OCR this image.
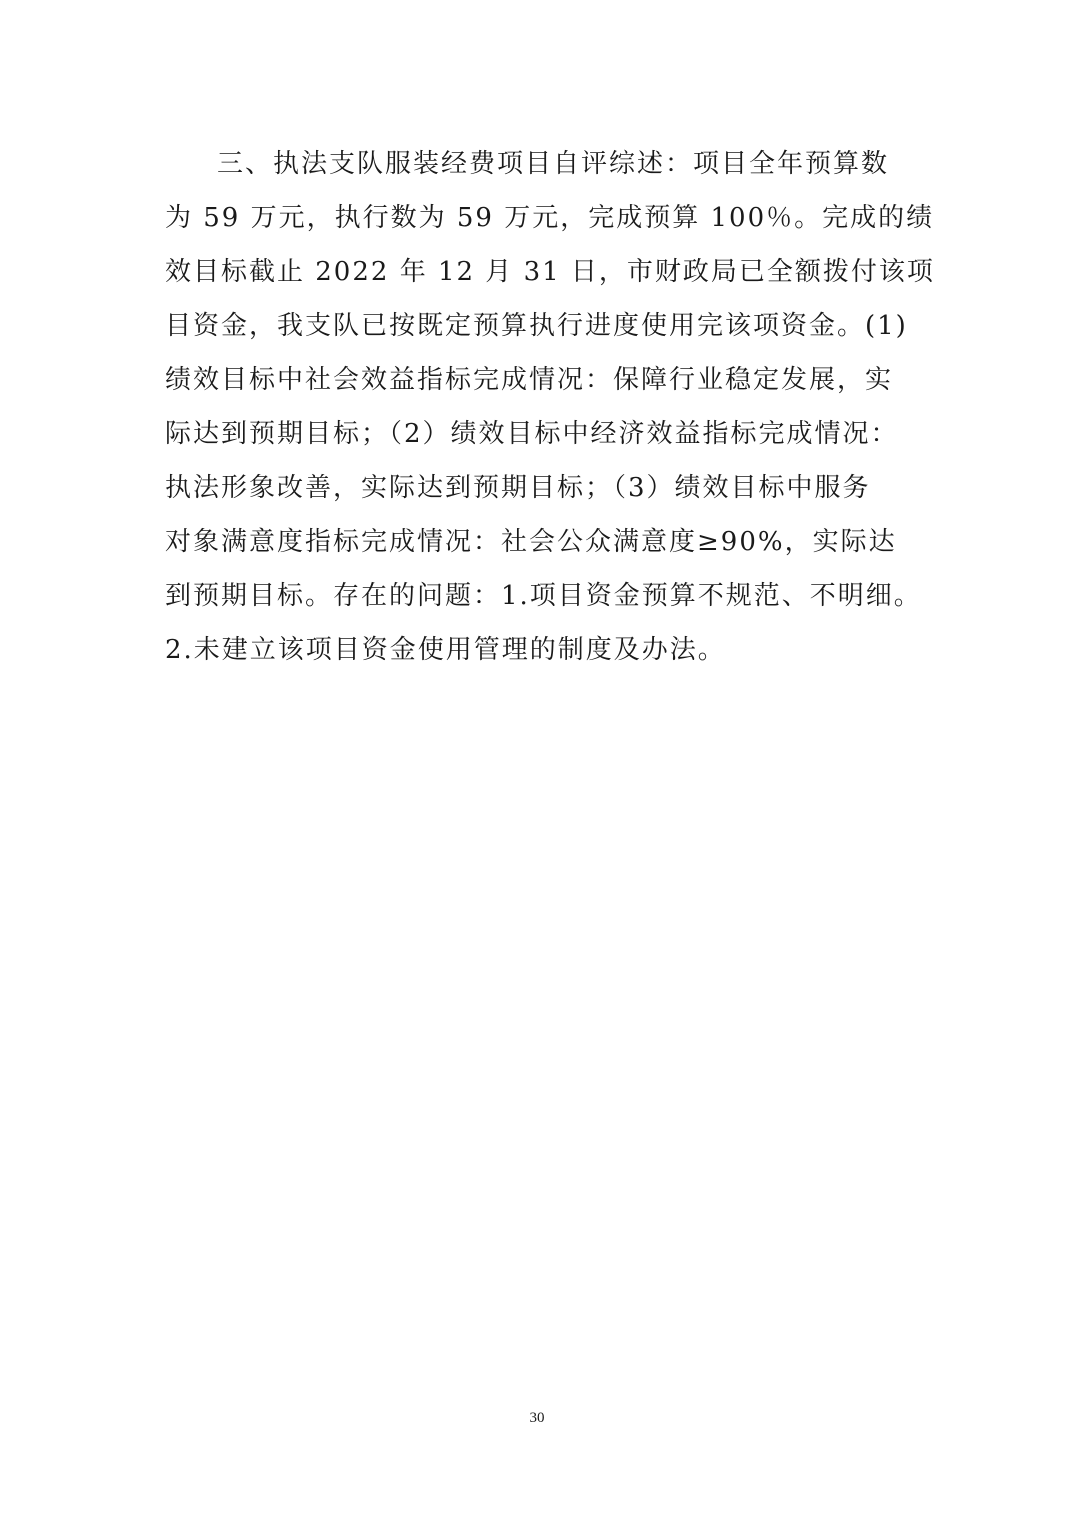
三、执法支队服装经费项目自评综述：项目全年预算数
为 59 万元，执行数为 59 万元，完成预算 100％。完成的绩
效目标截止 2022 年 12 月 31 日，市财政局已全额拨付该项
目资金，我支队已按既定预算执行进度使用完该项资金。(1)
绩效目标中社会效益指标完成情况：保障行业稳定发展，实
际达到预期目标；（2）绩效目标中经济效益指标完成情况：
执法形象改善，实际达到预期目标；（3）绩效目标中服务
对象满意度指标完成情况：社会公众满意度≥90%，实际达
到预期目标。存在的问题：1.项目资金预算不规范、不明细。
2.未建立该项目资金使用管理的制度及办法。
30
